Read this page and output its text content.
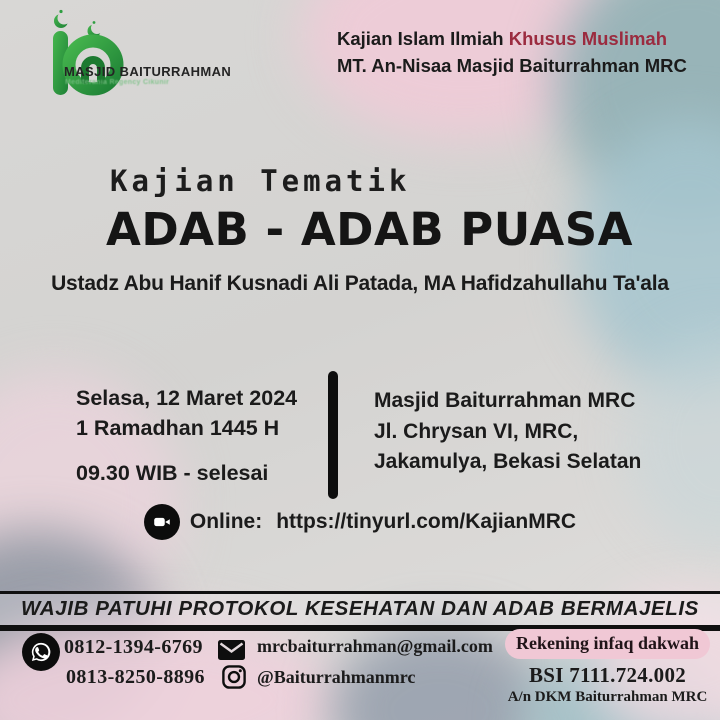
MASJID BAITURRAHMAN
Mediterania Regency Cikunir
Kajian Islam Ilmiah Khusus Muslimah
MT. An-Nisaa Masjid Baiturrahman MRC
Kajian Tematik
ADAB - ADAB PUASA
Ustadz Abu Hanif Kusnadi Ali Patada, MA Hafidzahullahu Ta'ala
Selasa, 12 Maret 2024
1 Ramadhan 1445 H
09.30 WIB - selesai
Masjid Baiturrahman MRC
Jl. Chrysan VI, MRC,
Jakamulya, Bekasi Selatan
Online: https://tinyurl.com/KajianMRC
WAJIB PATUHI PROTOKOL KESEHATAN DAN ADAB BERMAJELIS
0812-1394-6769
0813-8250-8896
mrcbaiturrahman@gmail.com
@Baiturrahmanmrc
Rekening infaq dakwah
BSI 7111.724.002
A/n DKM Baiturrahman MRC
